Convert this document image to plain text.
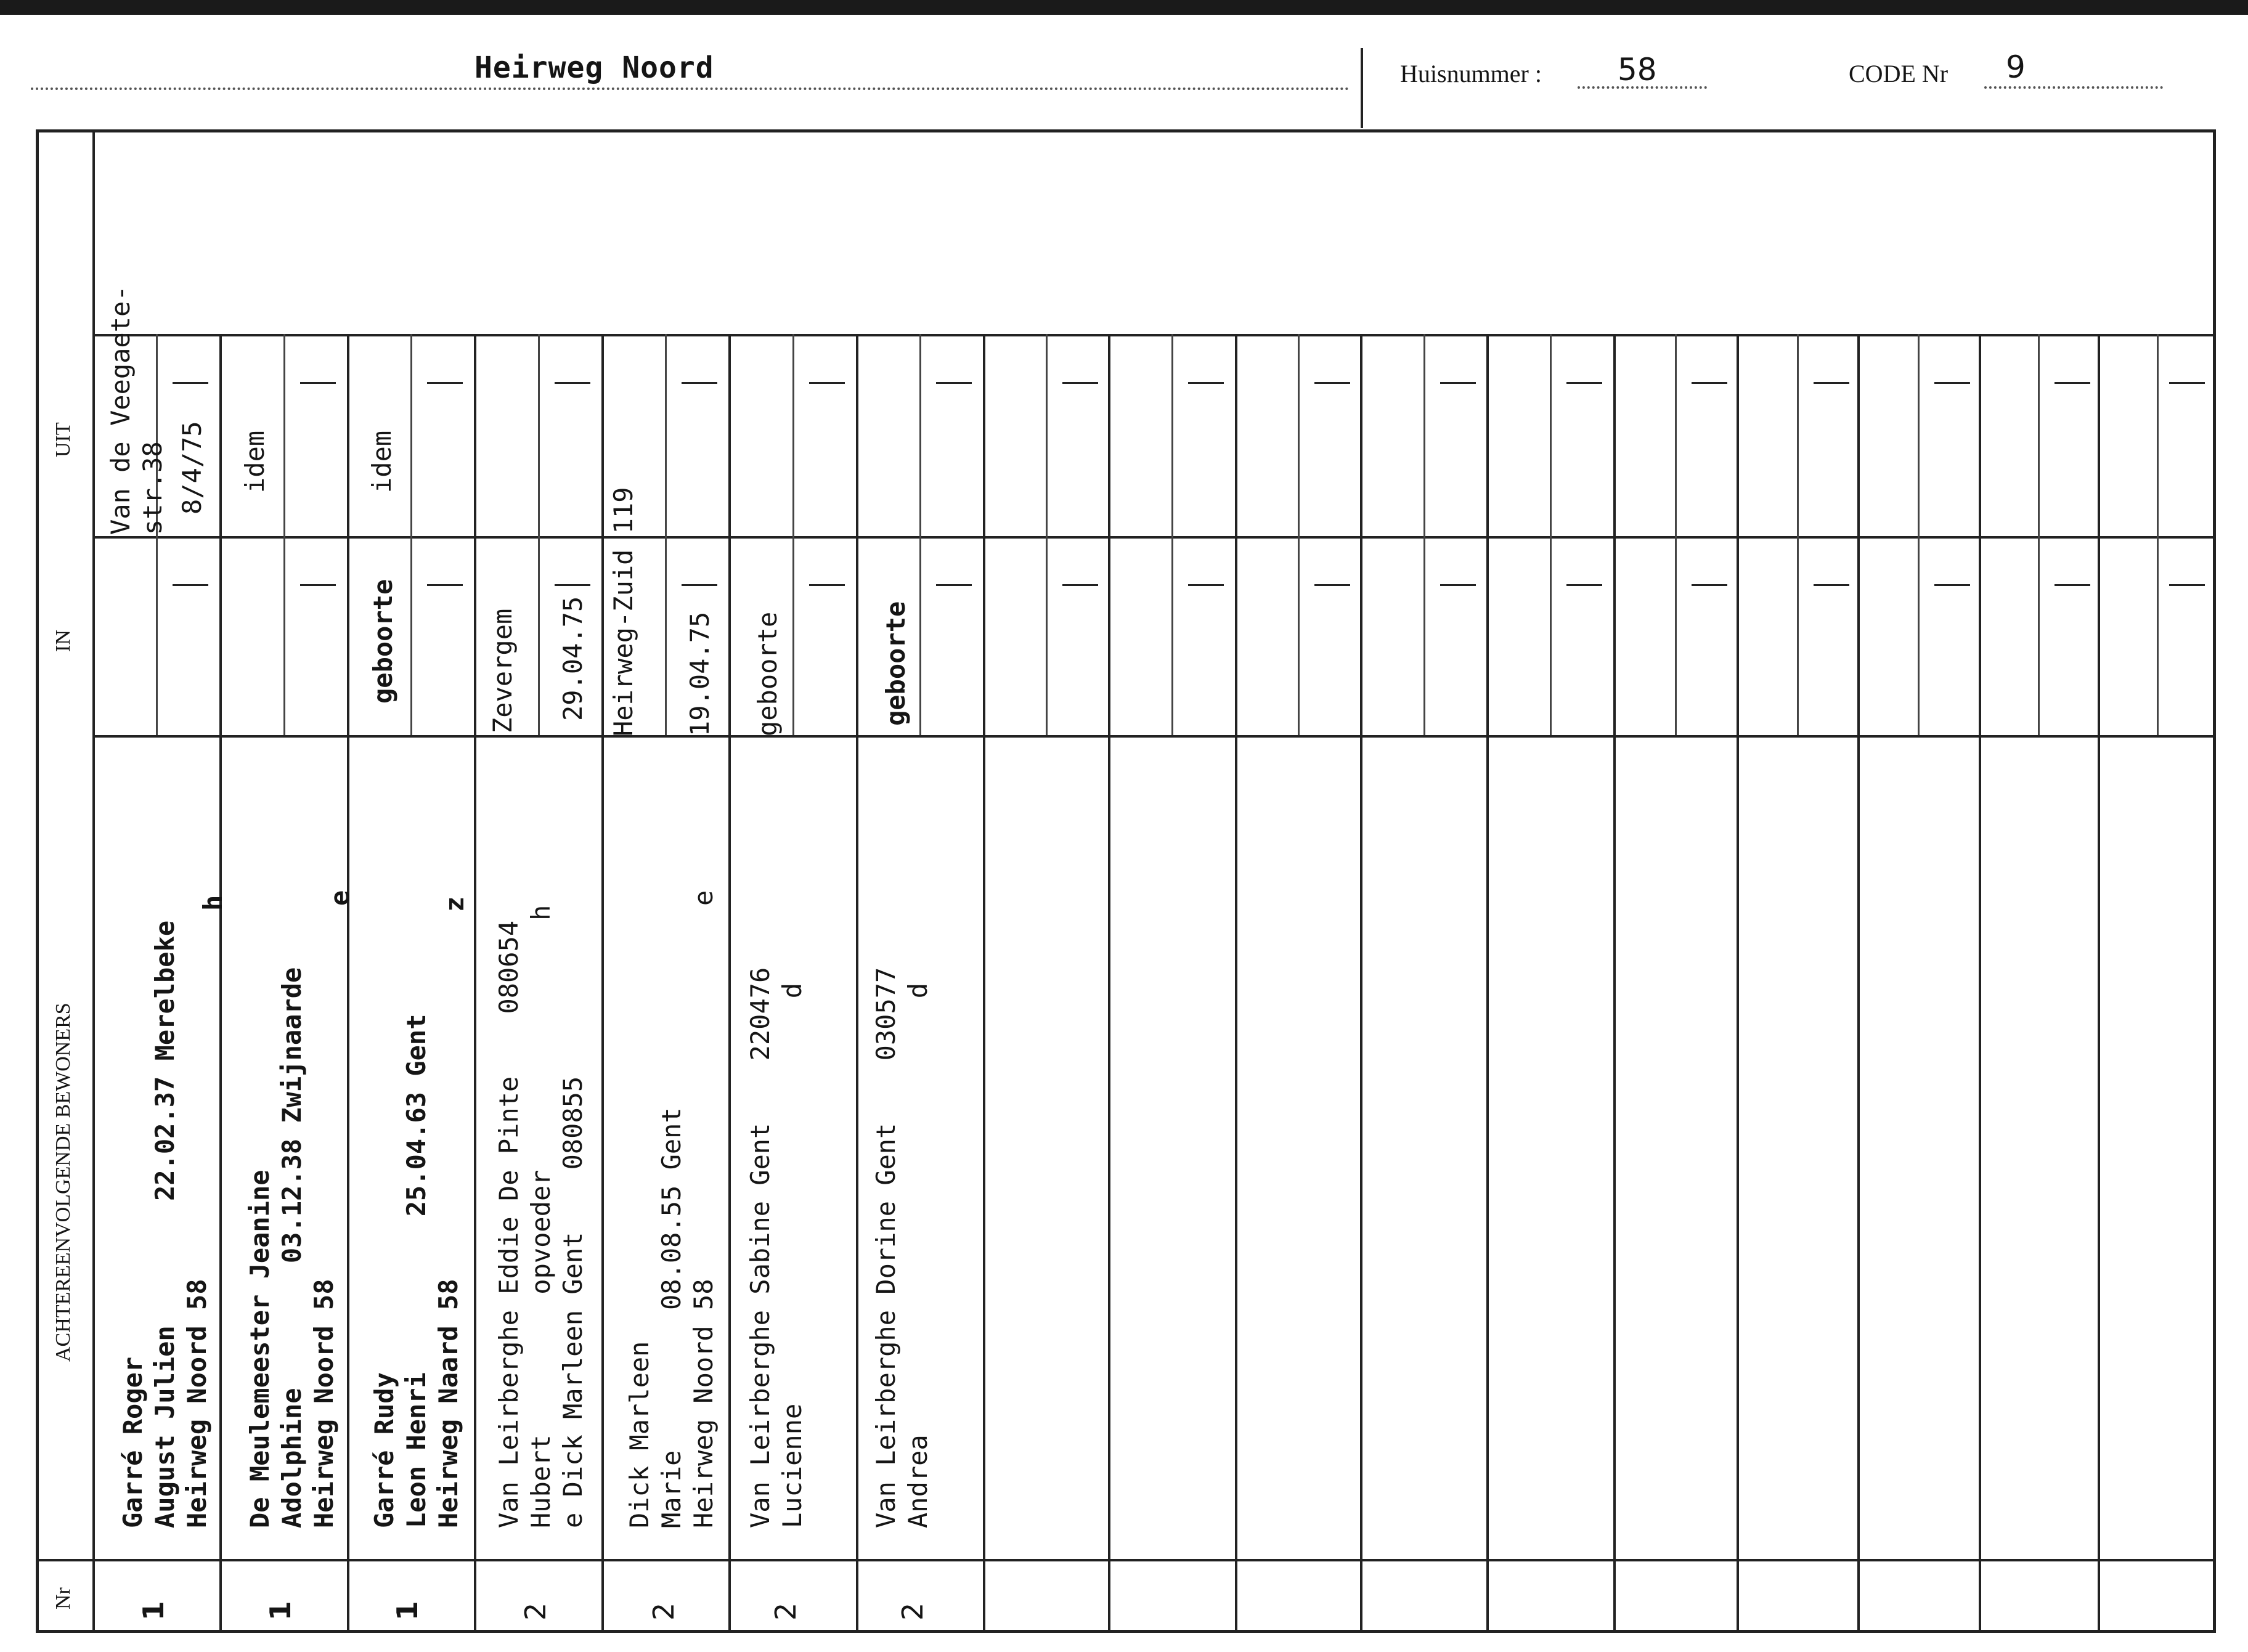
Heirweg Noord	Huisnummer : 58	CODE Nr 9
UIT
IN
ACHTEREENVOLGENDE BEWONERS
Nr
Van de Veegaete-
str.38 8/4/75
Garré Roger
August Julien        22.02.37 Merelbeke
Heirweg Noord 58
h
1
idem
De Meulemeester Jeanine
Adolphine        03.12.38 Zwijnaarde
Heirweg Noord 58
e
1
idem
geboorte
Garré Rudy
Leon Henri          25.04.63 Gent
Heirweg Naard 58
z
1
Zevergem 29.04.75
Van Leirberghe Eddie De Pinte    080654
Hubert         opvoeder                h
e Dick Marleen Gent    080855
2
Heirweg-Zuid 119 19.04.75
Dick Marleen
Marie         08.08.55 Gent
Heirweg Noord 58
e
2
geboorte
Van Leirberghe Sabine Gent    220476
Lucienne                          d
2
geboorte
Van Leirberghe Dorine Gent    030577
Andrea                            d
2
